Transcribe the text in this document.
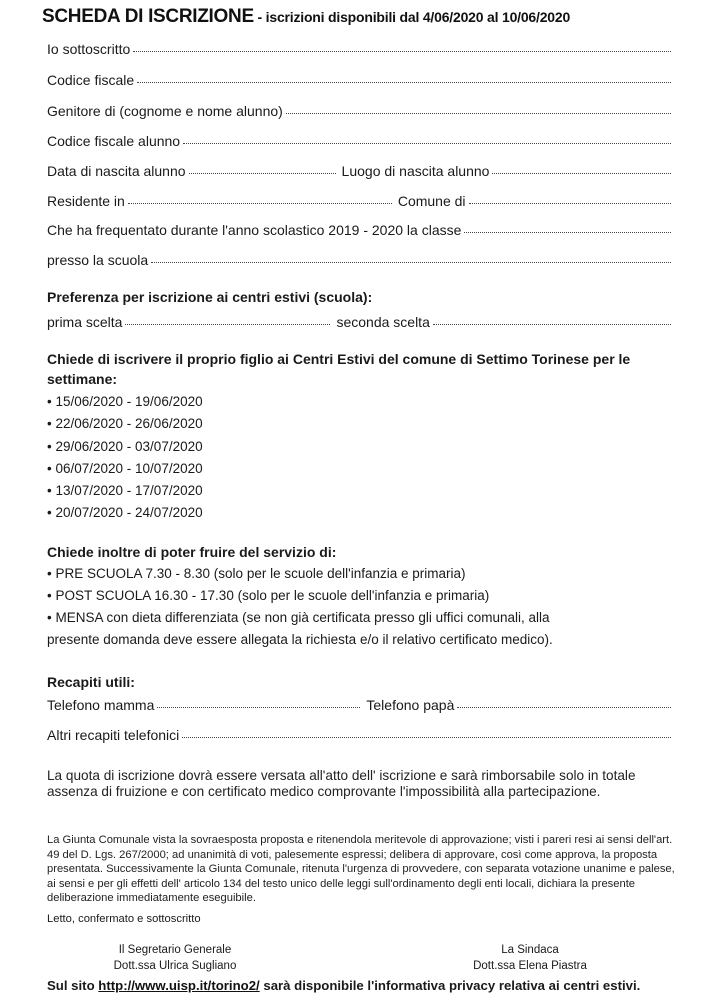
SCHEDA DI ISCRIZIONE - iscrizioni disponibili dal 4/06/2020 al 10/06/2020
Io sottoscritto
Codice fiscale
Genitore di (cognome e nome alunno)
Codice fiscale alunno
Data di nascita alunno	Luogo di nascita alunno
Residente in	Comune di
Che ha frequentato durante l'anno scolastico 2019 - 2020 la classe
presso la scuola
Preferenza per iscrizione ai centri estivi (scuola):
prima scelta	seconda scelta
Chiede di iscrivere il proprio figlio ai Centri Estivi del comune di Settimo Torinese per le
settimane:
• 15/06/2020 - 19/06/2020
• 22/06/2020 - 26/06/2020
• 29/06/2020 - 03/07/2020
• 06/07/2020 - 10/07/2020
• 13/07/2020 - 17/07/2020
• 20/07/2020 - 24/07/2020
Chiede inoltre di poter fruire del servizio di:
• PRE SCUOLA 7.30 - 8.30 (solo per le scuole dell'infanzia e primaria)
• POST SCUOLA 16.30 - 17.30 (solo per le scuole dell'infanzia e primaria)
• MENSA con dieta differenziata (se non già certificata presso gli uffici comunali, alla
presente domanda deve essere allegata la richiesta e/o il relativo certificato medico).
Recapiti utili:
Telefono mamma	Telefono papà
Altri recapiti telefonici
La quota di iscrizione dovrà essere versata all'atto dell' iscrizione e sarà rimborsabile solo in totale assenza di fruizione e con certificato medico comprovante l'impossibilità alla partecipazione.
La Giunta Comunale vista la sovraesposta proposta e ritenendola meritevole di approvazione; visti i pareri resi ai sensi dell'art. 49 del D. Lgs. 267/2000; ad unanimità di voti, palesemente espressi; delibera di approvare, così come approva, la proposta presentata. Successivamente la Giunta Comunale, ritenuta l'urgenza di provvedere, con separata votazione unanime e palese, ai sensi e per gli effetti dell' articolo 134 del testo unico delle leggi sull'ordinamento degli enti locali, dichiara la presente deliberazione immediatamente eseguibile.
Letto, confermato e sottoscritto
Il Segretario Generale
Dott.ssa Ulrica Sugliano
La Sindaca
Dott.ssa Elena Piastra
Sul sito http://www.uisp.it/torino2/ sarà disponibile l'informativa privacy relativa ai centri estivi.
